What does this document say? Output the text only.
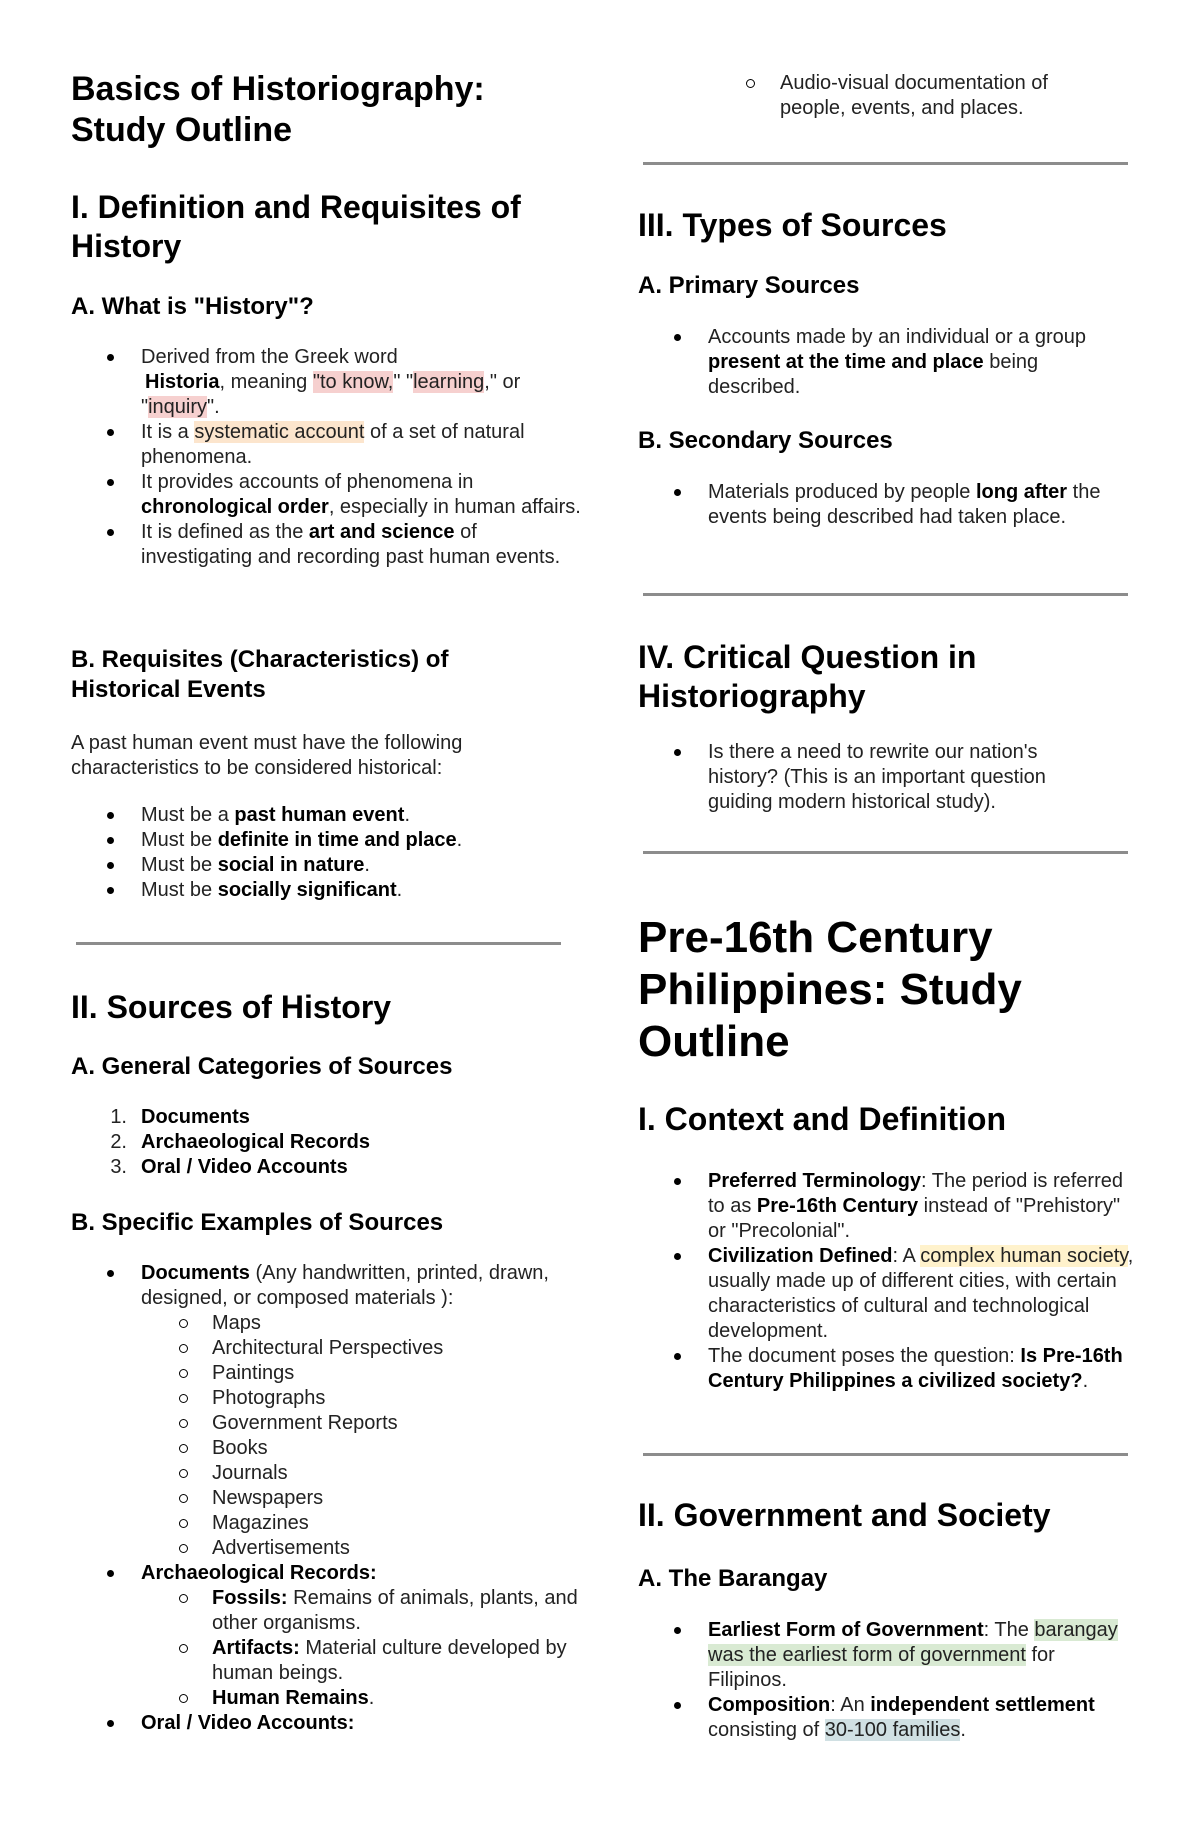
Basics of Historiography: Study Outline
I. Definition and Requisites of History
A. What is "History"?
Derived from the Greek word
Historia, meaning "to know," "learning," or "inquiry".
It is a systematic account of a set of natural phenomena.
It provides accounts of phenomena in chronological order, especially in human affairs.
It is defined as the art and science of investigating and recording past human events.
B. Requisites (Characteristics) of Historical Events

A past human event must have the following characteristics to be considered historical:

Must be a past human event.
Must be definite in time and place.
Must be social in nature.
Must be socially significant.
II. Sources of History
A. General Categories of Sources
1. Documents
2. Archaeological Records
3. Oral / Video Accounts
B. Specific Examples of Sources
Documents (Any handwritten, printed, drawn, designed, or composed materials ):
Maps
Architectural Perspectives
Paintings
Photographs
Government Reports
Books
Journals
Newspapers
Magazines
Advertisements
Archaeological Records:
Fossils: Remains of animals, plants, and other organisms.
Artifacts: Material culture developed by human beings.
Human Remains.
Oral / Video Accounts:
Audio-visual documentation of people, events, and places.
III. Types of Sources
A. Primary Sources
Accounts made by an individual or a group present at the time and place being described.
B. Secondary Sources
Materials produced by people long after the events being described had taken place.
IV. Critical Question in Historiography
Is there a need to rewrite our nation's history? (This is an important question guiding modern historical study).
Pre-16th Century Philippines: Study Outline
I. Context and Definition
Preferred Terminology: The period is referred to as Pre-16th Century instead of "Prehistory" or "Precolonial".
Civilization Defined: A complex human society, usually made up of different cities, with certain characteristics of cultural and technological development.
The document poses the question: Is Pre-16th Century Philippines a civilized society?.
II. Government and Society
A. The Barangay
Earliest Form of Government: The barangay was the earliest form of government for Filipinos.
Composition: An independent settlement consisting of 30-100 families.
